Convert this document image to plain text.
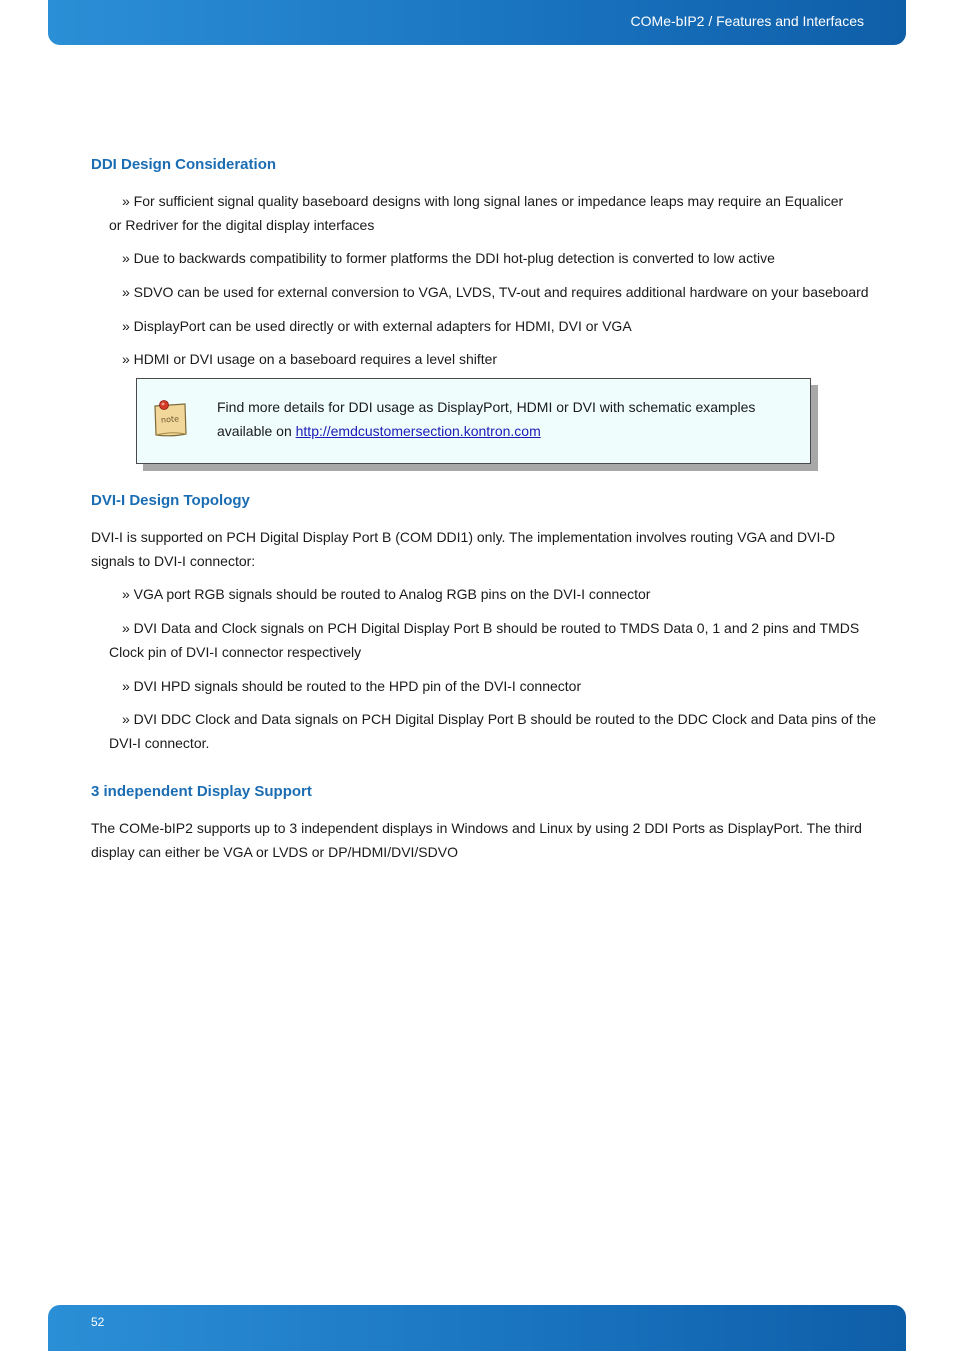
COMe-bIP2 / Features and Interfaces
DDI Design Consideration
» For sufficient signal quality baseboard designs with long signal lanes or impedance leaps may require an Equalicer
or Redriver for the digital display interfaces
» Due to backwards compatibility to former platforms the DDI hot-plug detection is converted to low active
» SDVO can be used for external conversion to VGA, LVDS, TV-out and requires additional hardware on your baseboard
» DisplayPort can be used directly or with external adapters for HDMI, DVI or VGA
» HDMI or DVI usage on a baseboard requires a level shifter
note
Find more details for DDI usage as DisplayPort, HDMI or DVI with schematic examples
available on http://emdcustomersection.kontron.com
DVI-I Design Topology
DVI-I is supported on PCH Digital Display Port B (COM DDI1) only. The implementation involves routing VGA and DVI-D
signals to DVI-I connector:
» VGA port RGB signals should be routed to Analog RGB pins on the DVI-I connector
» DVI Data and Clock signals on PCH Digital Display Port B should be routed to TMDS Data 0, 1 and 2 pins and TMDS
Clock pin of DVI-I connector respectively
» DVI HPD signals should be routed to the HPD pin of the DVI-I connector
» DVI DDC Clock and Data signals on PCH Digital Display Port B should be routed to the DDC Clock and Data pins of the
DVI-I connector.
3 independent Display Support
The COMe-bIP2 supports up to 3 independent displays in Windows and Linux by using 2 DDI Ports as DisplayPort. The third
display can either be VGA or LVDS or DP/HDMI/DVI/SDVO
52
